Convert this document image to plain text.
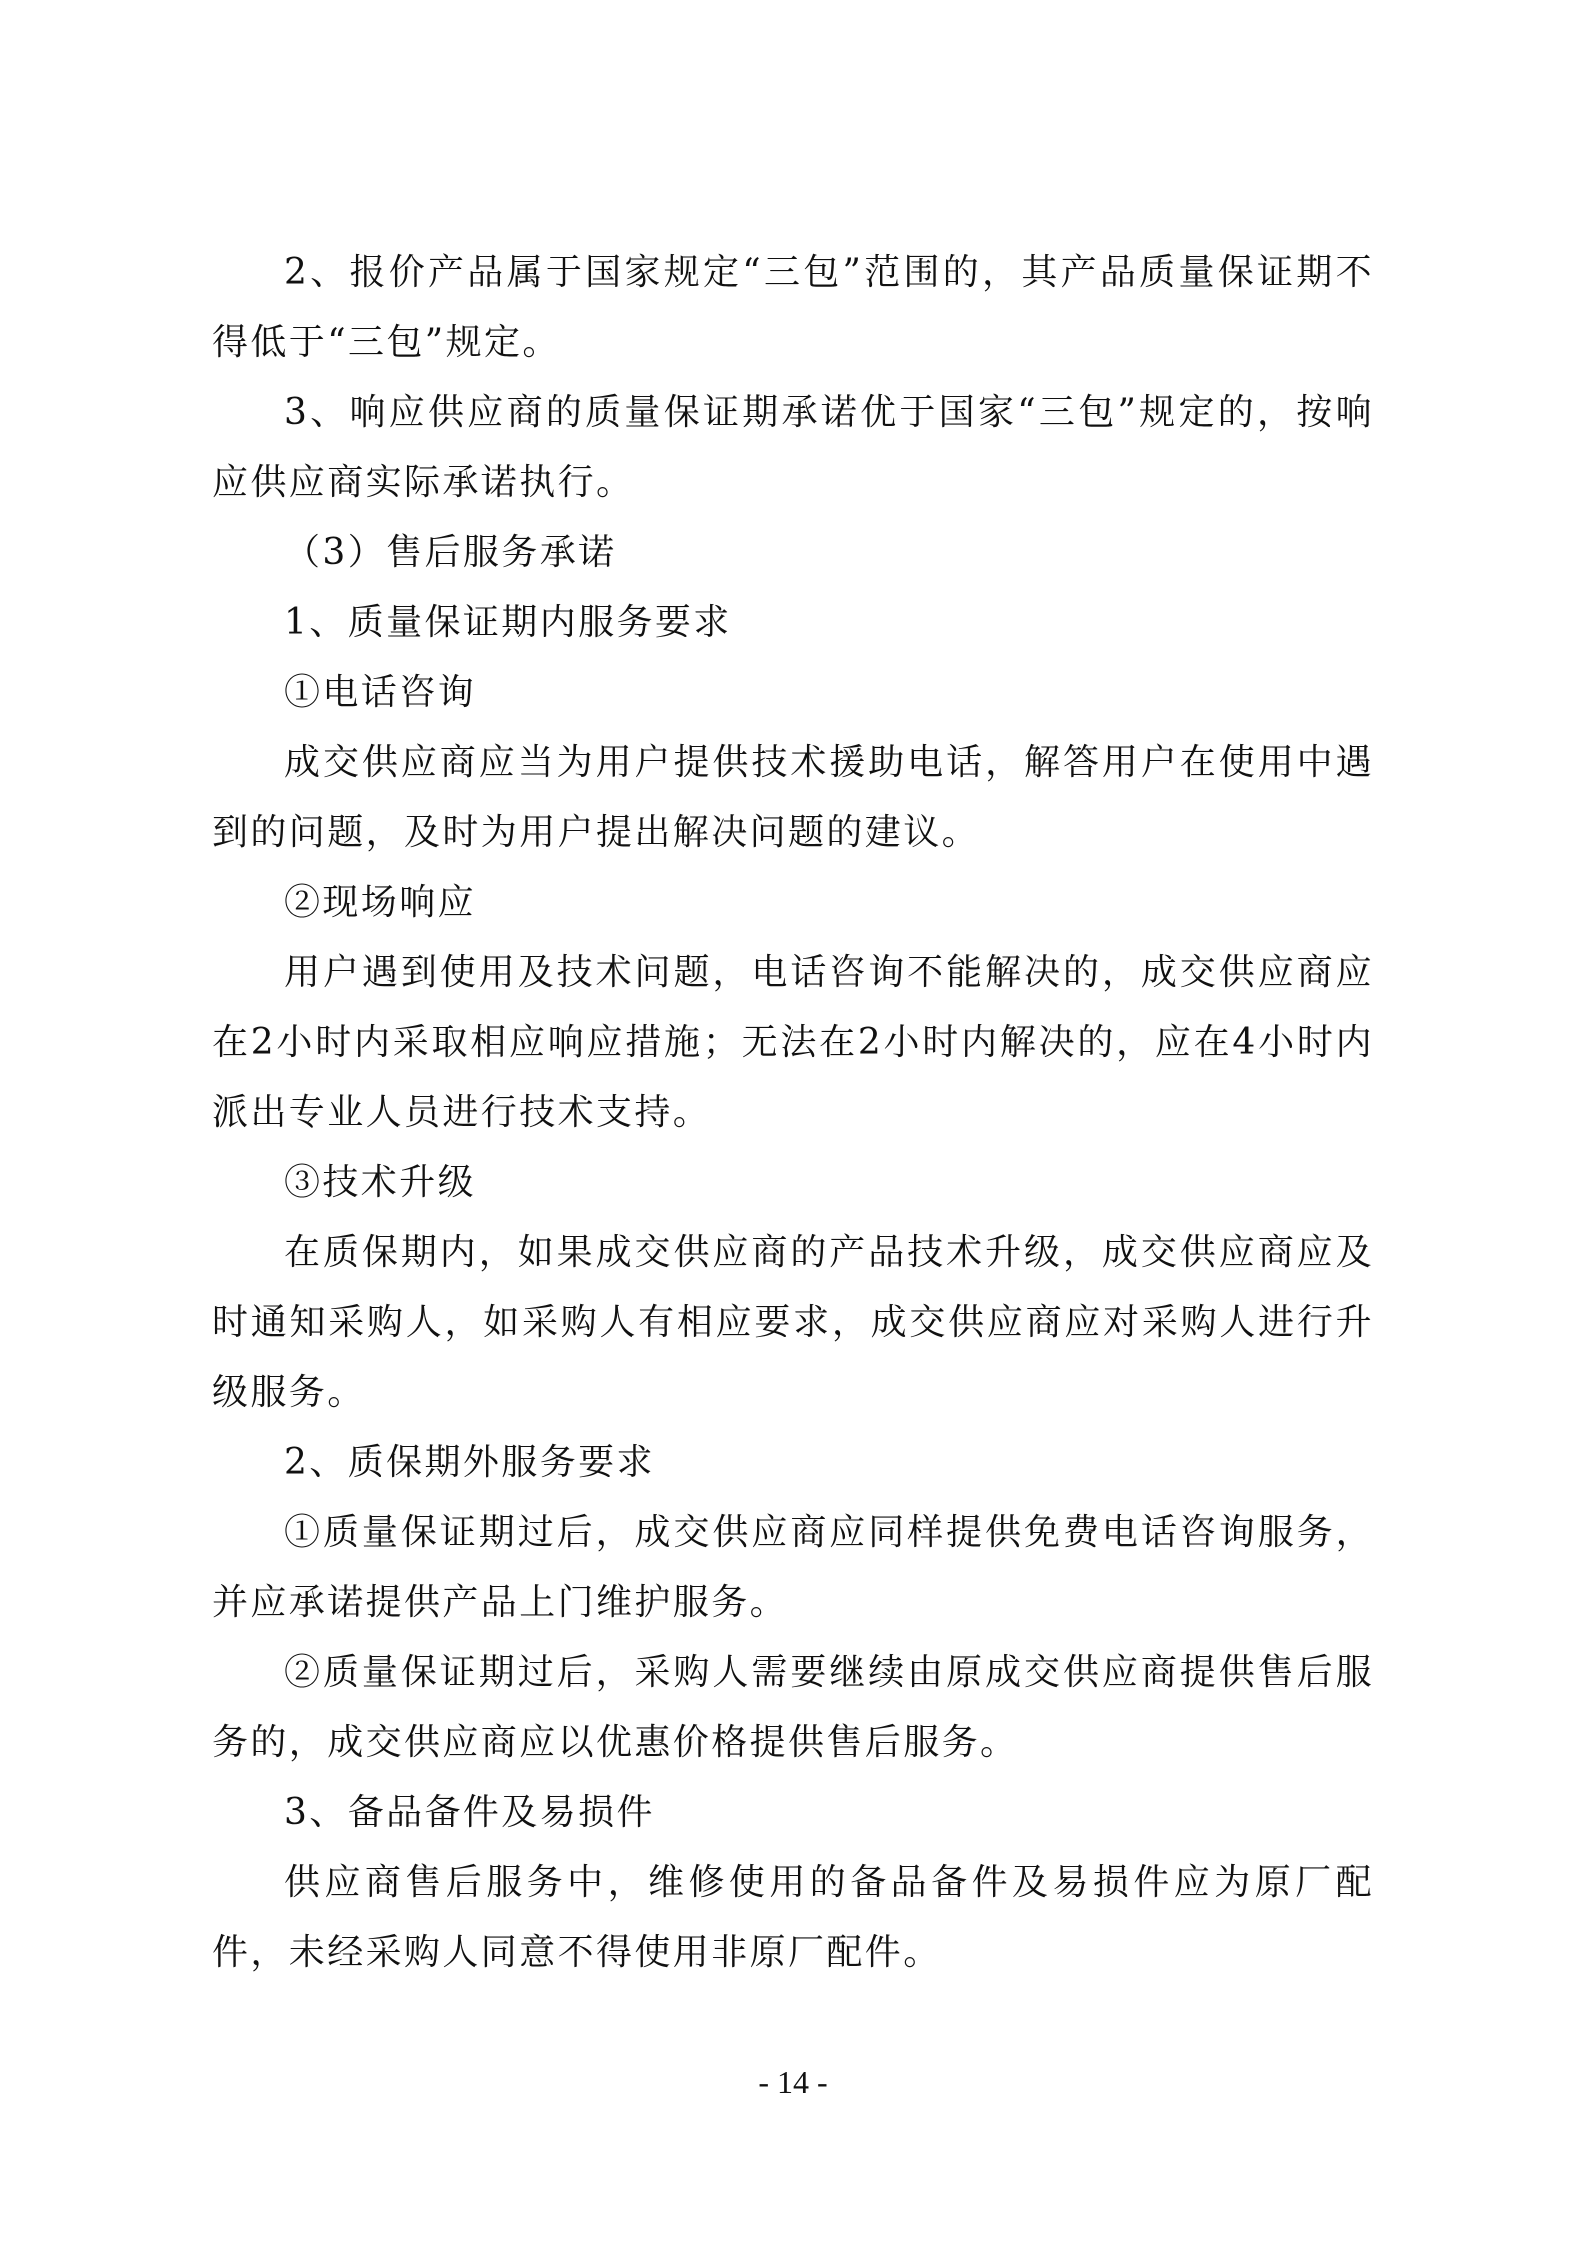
2、报价产品属于国家规定“三包”范围的，其产品质量保证期不得低于“三包”规定。

3、响应供应商的质量保证期承诺优于国家“三包”规定的，按响应供应商实际承诺执行。

（3）售后服务承诺

1、质量保证期内服务要求

①电话咨询

成交供应商应当为用户提供技术援助电话，解答用户在使用中遇到的问题，及时为用户提出解决问题的建议。

②现场响应

用户遇到使用及技术问题，电话咨询不能解决的，成交供应商应在2小时内采取相应响应措施；无法在2小时内解决的，应在4小时内派出专业人员进行技术支持。

③技术升级

在质保期内，如果成交供应商的产品技术升级，成交供应商应及时通知采购人，如采购人有相应要求，成交供应商应对采购人进行升级服务。

2、质保期外服务要求

①质量保证期过后，成交供应商应同样提供免费电话咨询服务，并应承诺提供产品上门维护服务。

②质量保证期过后，采购人需要继续由原成交供应商提供售后服务的，成交供应商应以优惠价格提供售后服务。

3、备品备件及易损件

供应商售后服务中，维修使用的备品备件及易损件应为原厂配件，未经采购人同意不得使用非原厂配件。

- 14 -
